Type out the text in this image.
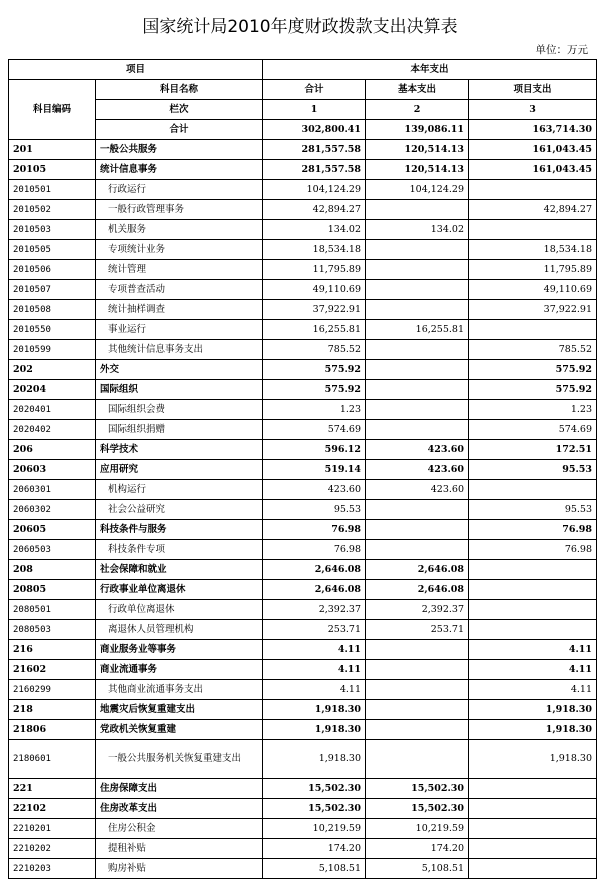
国家统计局2010年度财政拨款支出决算表
单位：万元
项目		本年支出		
科目编码	科目名称	合计	基本支出	项目支出
	栏次	1	2	3
	合计	302,800.41	139,086.11	163,714.30
201	一般公共服务	281,557.58	120,514.13	161,043.45
20105	统计信息事务	281,557.58	120,514.13	161,043.45
2010501	行政运行	104,124.29	104,124.29	
2010502	一般行政管理事务	42,894.27		42,894.27
2010503	机关服务	134.02	134.02	
2010505	专项统计业务	18,534.18		18,534.18
2010506	统计管理	11,795.89		11,795.89
2010507	专项普查活动	49,110.69		49,110.69
2010508	统计抽样调查	37,922.91		37,922.91
2010550	事业运行	16,255.81	16,255.81	
2010599	其他统计信息事务支出	785.52		785.52
202	外交	575.92		575.92
20204	国际组织	575.92		575.92
2020401	国际组织会费	1.23		1.23
2020402	国际组织捐赠	574.69		574.69
206	科学技术	596.12	423.60	172.51
20603	应用研究	519.14	423.60	95.53
2060301	机构运行	423.60	423.60	
2060302	社会公益研究	95.53		95.53
20605	科技条件与服务	76.98		76.98
2060503	科技条件专项	76.98		76.98
208	社会保障和就业	2,646.08	2,646.08	
20805	行政事业单位离退休	2,646.08	2,646.08	
2080501	行政单位离退休	2,392.37	2,392.37	
2080503	离退休人员管理机构	253.71	253.71	
216	商业服务业等事务	4.11		4.11
21602	商业流通事务	4.11		4.11
2160299	其他商业流通事务支出	4.11		4.11
218	地震灾后恢复重建支出	1,918.30		1,918.30
21806	党政机关恢复重建	1,918.30		1,918.30
2180601	一般公共服务机关恢复重建支出	1,918.30		1,918.30
221	住房保障支出	15,502.30	15,502.30	
22102	住房改革支出	15,502.30	15,502.30	
2210201	住房公积金	10,219.59	10,219.59	
2210202	提租补贴	174.20	174.20	
2210203	购房补贴	5,108.51	5,108.51	
